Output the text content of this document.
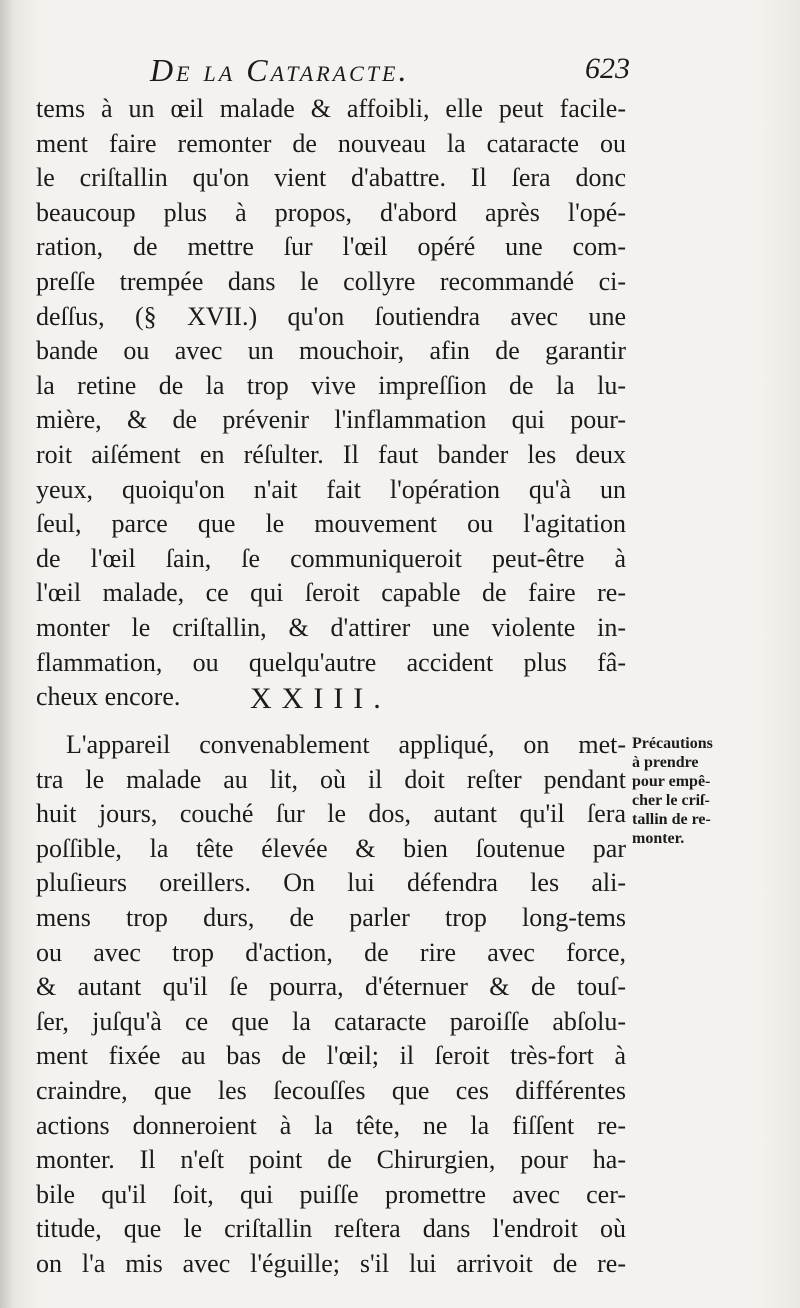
De la Cataracte.	623
tems à un œil malade & affoibli, elle peut facile-
ment faire remonter de nouveau la cataracte ou
le criſtallin qu'on vient d'abattre. Il ſera donc
beaucoup plus à propos, d'abord après l'opé-
ration, de mettre ſur l'œil opéré une com-
preſſe trempée dans le collyre recommandé ci-
deſſus, (§ XVII.) qu'on ſoutiendra avec une
bande ou avec un mouchoir, afin de garantir
la retine de la trop vive impreſſion de la lu-
mière, & de prévenir l'inflammation qui pour-
roit aiſément en réſulter. Il faut bander les deux
yeux, quoiqu'on n'ait fait l'opération qu'à un
ſeul, parce que le mouvement ou l'agitation
de l'œil ſain, ſe communiqueroit peut-être à
l'œil malade, ce qui ſeroit capable de faire re-
monter le criſtallin, & d'attirer une violente in-
flammation, ou quelqu'autre accident plus fâ-
cheux encore.	XXIII.
L'appareil convenablement appliqué, on met-
tra le malade au lit, où il doit reſter pendant
huit jours, couché ſur le dos, autant qu'il ſera
poſſible, la tête élevée & bien ſoutenue par
pluſieurs oreillers. On lui défendra les ali-
mens trop durs, de parler trop long-tems
ou avec trop d'action, de rire avec force,
& autant qu'il ſe pourra, d'éternuer & de touſ-
ſer, juſqu'à ce que la cataracte paroiſſe abſolu-
ment fixée au bas de l'œil; il ſeroit très-fort à
craindre, que les ſecouſſes que ces différentes
actions donneroient à la tête, ne la fiſſent re-
monter. Il n'eſt point de Chirurgien, pour ha-
bile qu'il ſoit, qui puiſſe promettre avec cer-
titude, que le criſtallin reſtera dans l'endroit où
on l'a mis avec l'éguille; s'il lui arrivoit de re-
Précautions
à prendre
pour empê-
cher le criſ-
tallin de re-
monter.
